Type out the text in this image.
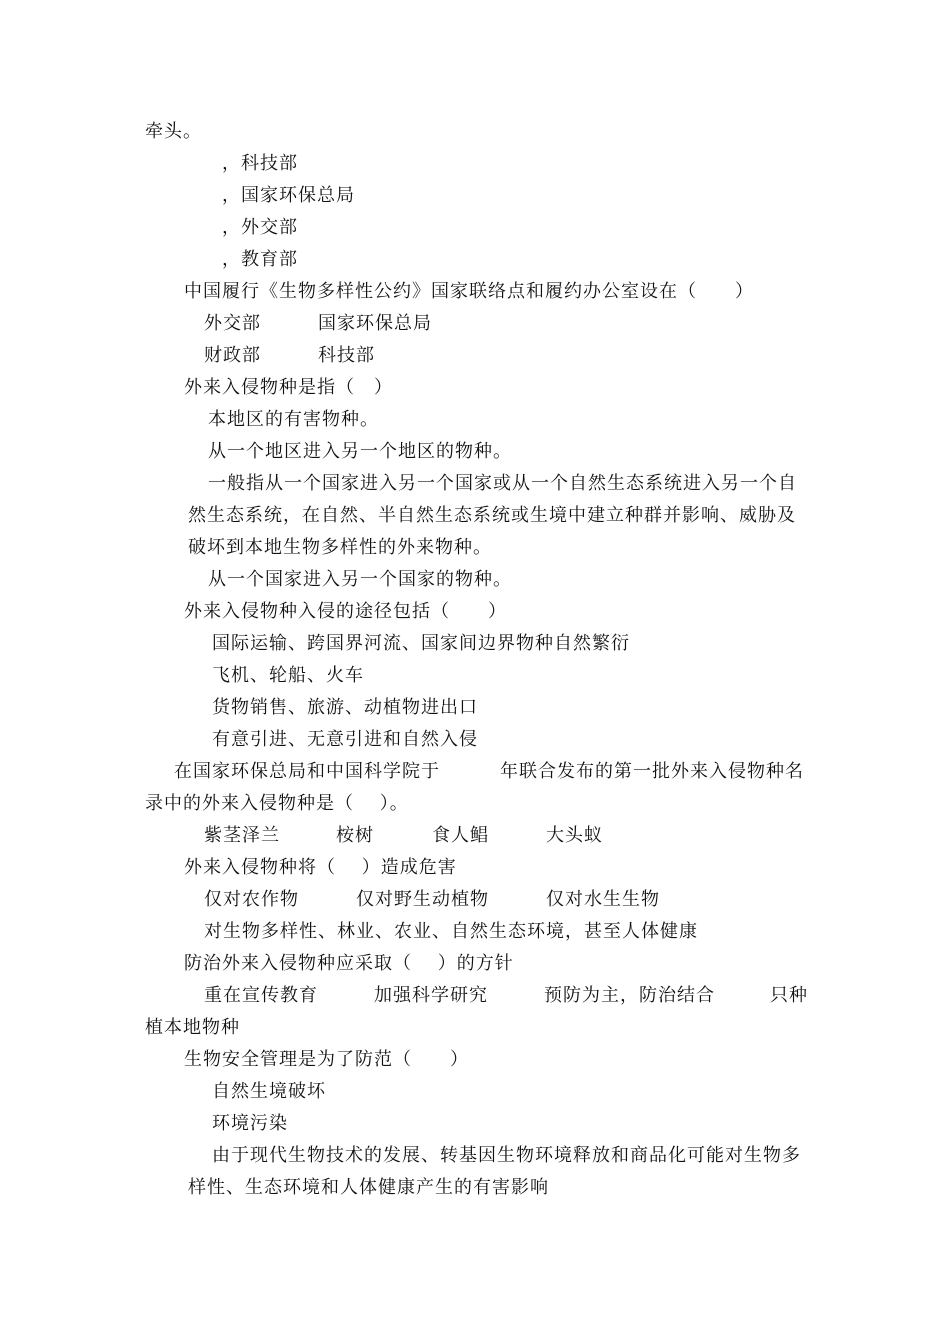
牵头。

，科技部

，国家环保总局

，外交部

，教育部

中国履行《生物多样性公约》国家联络点和履约办公室设在（　　）

外交部	国家环保总局

财政部	科技部

外来入侵物种是指（　）

本地区的有害物种。

从一个地区进入另一个地区的物种。

一般指从一个国家进入另一个国家或从一个自然生态系统进入另一个自

然生态系统，在自然、半自然生态系统或生境中建立种群并影响、威胁及

破坏到本地生物多样性的外来物种。

从一个国家进入另一个国家的物种。

外来入侵物种入侵的途径包括（　　）

国际运输、跨国界河流、国家间边界物种自然繁衍

飞机、轮船、火车

货物销售、旅游、动植物进出口

有意引进、无意引进和自然入侵

在国家环保总局和中国科学院于	年联合发布的第一批外来入侵物种名

录中的外来入侵物种是（　 ）。

紫茎泽兰	桉树	食人鲳	大头蚁

外来入侵物种将（　 ）造成危害

仅对农作物	仅对野生动植物	仅对水生生物

对生物多样性、林业、农业、自然生态环境，甚至人体健康

防治外来入侵物种应采取（　 ）的方针

重在宣传教育	加强科学研究	预防为主，防治结合	只种

植本地物种

生物安全管理是为了防范（　　）

自然生境破坏

环境污染

由于现代生物技术的发展、转基因生物环境释放和商品化可能对生物多

样性、生态环境和人体健康产生的有害影响
